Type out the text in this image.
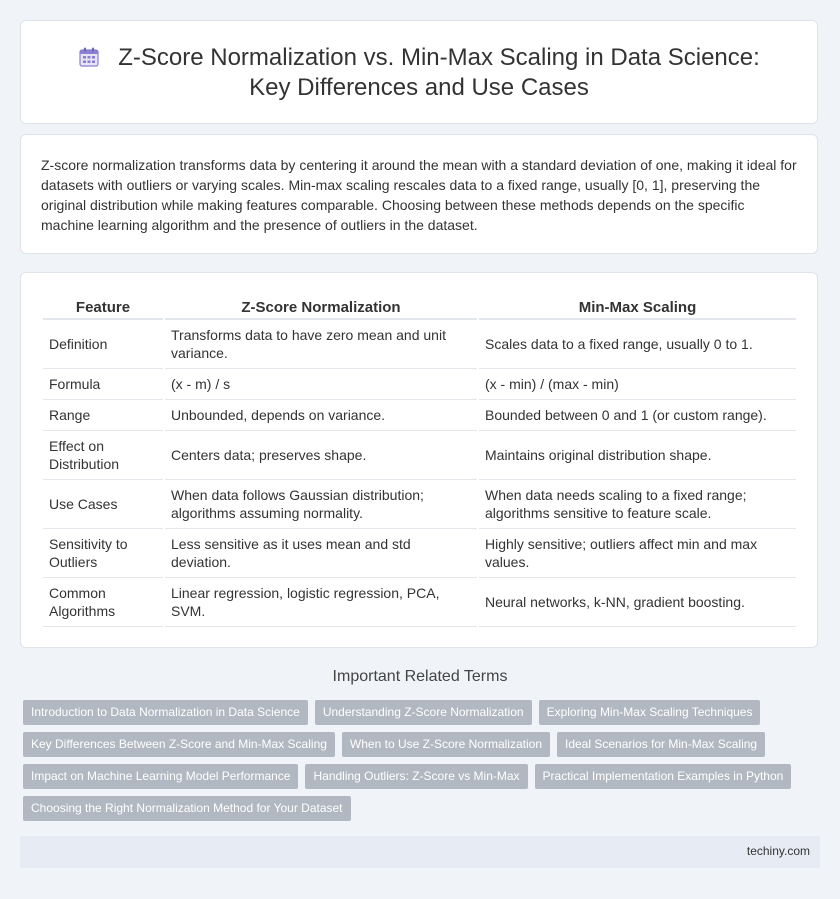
Z-Score Normalization vs. Min-Max Scaling in Data Science: Key Differences and Use Cases

Z-score normalization transforms data by centering it around the mean with a standard deviation of one, making it ideal for datasets with outliers or varying scales. Min-max scaling rescales data to a fixed range, usually [0, 1], preserving the original distribution while making features comparable. Choosing between these methods depends on the specific machine learning algorithm and the presence of outliers in the dataset.

Feature	Z-Score Normalization	Min-Max Scaling
Definition	Transforms data to have zero mean and unit variance.	Scales data to a fixed range, usually 0 to 1.
Formula	(x - m) / s	(x - min) / (max - min)
Range	Unbounded, depends on variance.	Bounded between 0 and 1 (or custom range).
Effect on Distribution	Centers data; preserves shape.	Maintains original distribution shape.
Use Cases	When data follows Gaussian distribution; algorithms assuming normality.	When data needs scaling to a fixed range; algorithms sensitive to feature scale.
Sensitivity to Outliers	Less sensitive as it uses mean and std deviation.	Highly sensitive; outliers affect min and max values.
Common Algorithms	Linear regression, logistic regression, PCA, SVM.	Neural networks, k-NN, gradient boosting.
Important Related Terms
Introduction to Data Normalization in Data Science	Understanding Z-Score Normalization	Exploring Min-Max Scaling Techniques
Key Differences Between Z-Score and Min-Max Scaling	When to Use Z-Score Normalization	Ideal Scenarios for Min-Max Scaling
Impact on Machine Learning Model Performance	Handling Outliers: Z-Score vs Min-Max	Practical Implementation Examples in Python
Choosing the Right Normalization Method for Your Dataset
techiny.com
